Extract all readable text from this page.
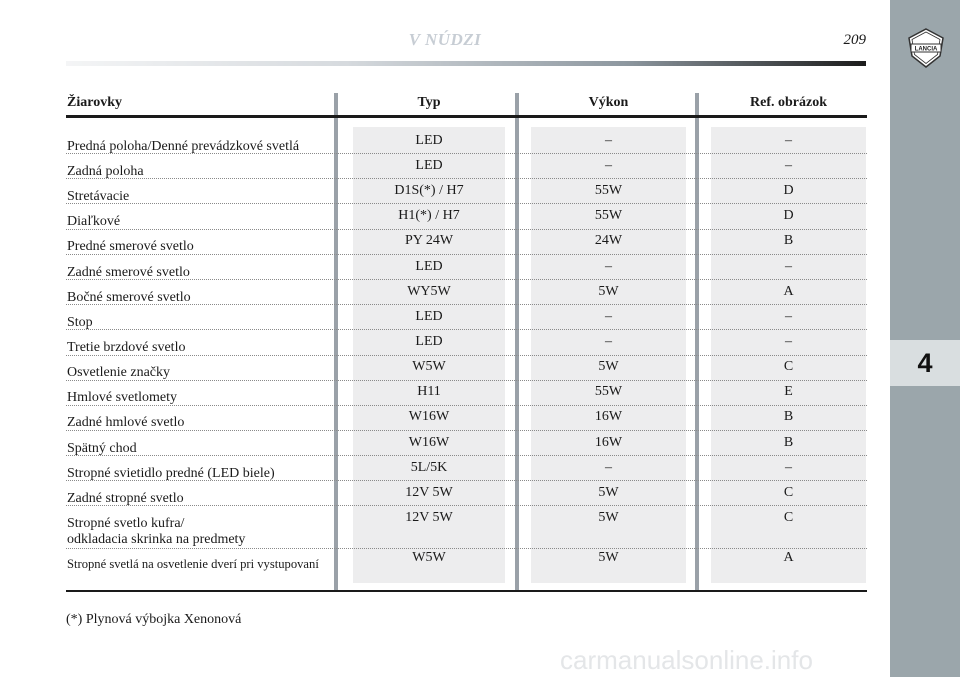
V NÚDZI	209
LANCIA
4
Žiarovky	Typ	Výkon	Ref. obrázok
Predná poloha/Denné prevádzkové svetlá	LED	–	–
Zadná poloha	LED	–	–
Stretávacie	D1S(*) / H7	55W	D
Diaľkové	H1(*) / H7	55W	D
Predné smerové svetlo	PY 24W	24W	B
Zadné smerové svetlo	LED	–	–
Bočné smerové svetlo	WY5W	5W	A
Stop	LED	–	–
Tretie brzdové svetlo	LED	–	–
Osvetlenie značky	W5W	5W	C
Hmlové svetlomety	H11	55W	E
Zadné hmlové svetlo	W16W	16W	B
Spätný chod	W16W	16W	B
Stropné svietidlo predné (LED biele)	5L/5K	–	–
Zadné stropné svetlo	12V 5W	5W	C
Stropné svetlo kufra/
odkladacia skrinka na predmety
12V 5W	5W	C
Stropné svetlá na osvetlenie dverí pri vystupovaní	W5W	5W	A
(*) Plynová výbojka Xenonová
carmanualsonline.info
